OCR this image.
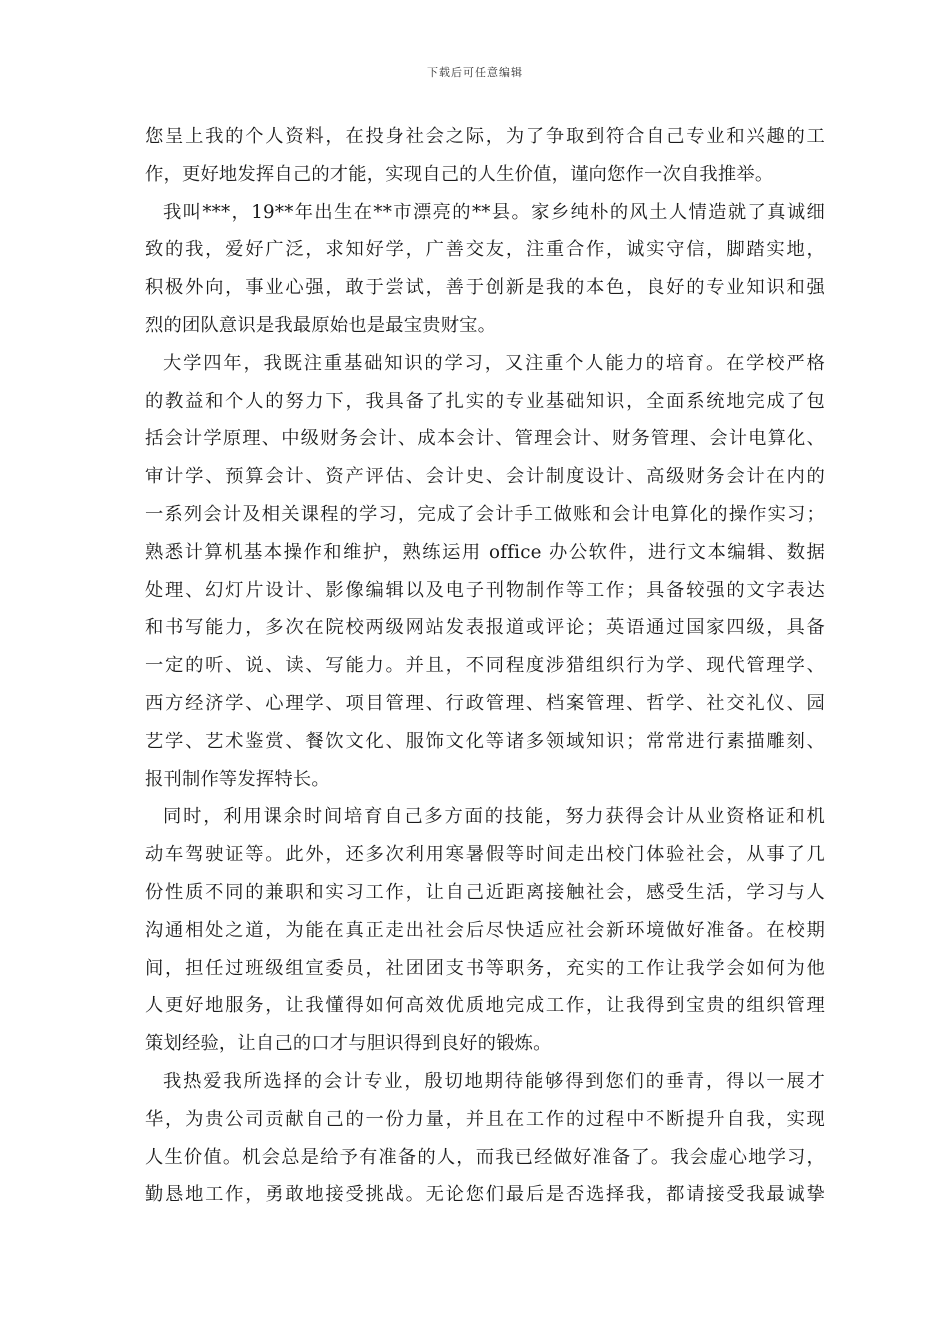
下载后可任意编辑
您呈上我的个人资料，在投身社会之际，为了争取到符合自己专业和兴趣的工
作，更好地发挥自己的才能，实现自己的人生价值，谨向您作一次自我推举。
我叫***，19**年出生在**市漂亮的**县。家乡纯朴的风土人情造就了真诚细
致的我，爱好广泛，求知好学，广善交友，注重合作，诚实守信，脚踏实地，
积极外向，事业心强，敢于尝试，善于创新是我的本色，良好的专业知识和强
烈的团队意识是我最原始也是最宝贵财宝。
大学四年，我既注重基础知识的学习，又注重个人能力的培育。在学校严格
的教益和个人的努力下，我具备了扎实的专业基础知识，全面系统地完成了包
括会计学原理、中级财务会计、成本会计、管理会计、财务管理、会计电算化、
审计学、预算会计、资产评估、会计史、会计制度设计、高级财务会计在内的
一系列会计及相关课程的学习，完成了会计手工做账和会计电算化的操作实习；
熟悉计算机基本操作和维护，熟练运用 office 办公软件，进行文本编辑、数据
处理、幻灯片设计、影像编辑以及电子刊物制作等工作；具备较强的文字表达
和书写能力，多次在院校两级网站发表报道或评论；英语通过国家四级，具备
一定的听、说、读、写能力。并且，不同程度涉猎组织行为学、现代管理学、
西方经济学、心理学、项目管理、行政管理、档案管理、哲学、社交礼仪、园
艺学、艺术鉴赏、餐饮文化、服饰文化等诸多领域知识；常常进行素描雕刻、
报刊制作等发挥特长。
同时，利用课余时间培育自己多方面的技能，努力获得会计从业资格证和机
动车驾驶证等。此外，还多次利用寒暑假等时间走出校门体验社会，从事了几
份性质不同的兼职和实习工作，让自己近距离接触社会，感受生活，学习与人
沟通相处之道，为能在真正走出社会后尽快适应社会新环境做好准备。在校期
间，担任过班级组宣委员，社团团支书等职务，充实的工作让我学会如何为他
人更好地服务，让我懂得如何高效优质地完成工作，让我得到宝贵的组织管理
策划经验，让自己的口才与胆识得到良好的锻炼。
我热爱我所选择的会计专业，殷切地期待能够得到您们的垂青，得以一展才
华，为贵公司贡献自己的一份力量，并且在工作的过程中不断提升自我，实现
人生价值。机会总是给予有准备的人，而我已经做好准备了。我会虚心地学习，
勤恳地工作，勇敢地接受挑战。无论您们最后是否选择我，都请接受我最诚挚
